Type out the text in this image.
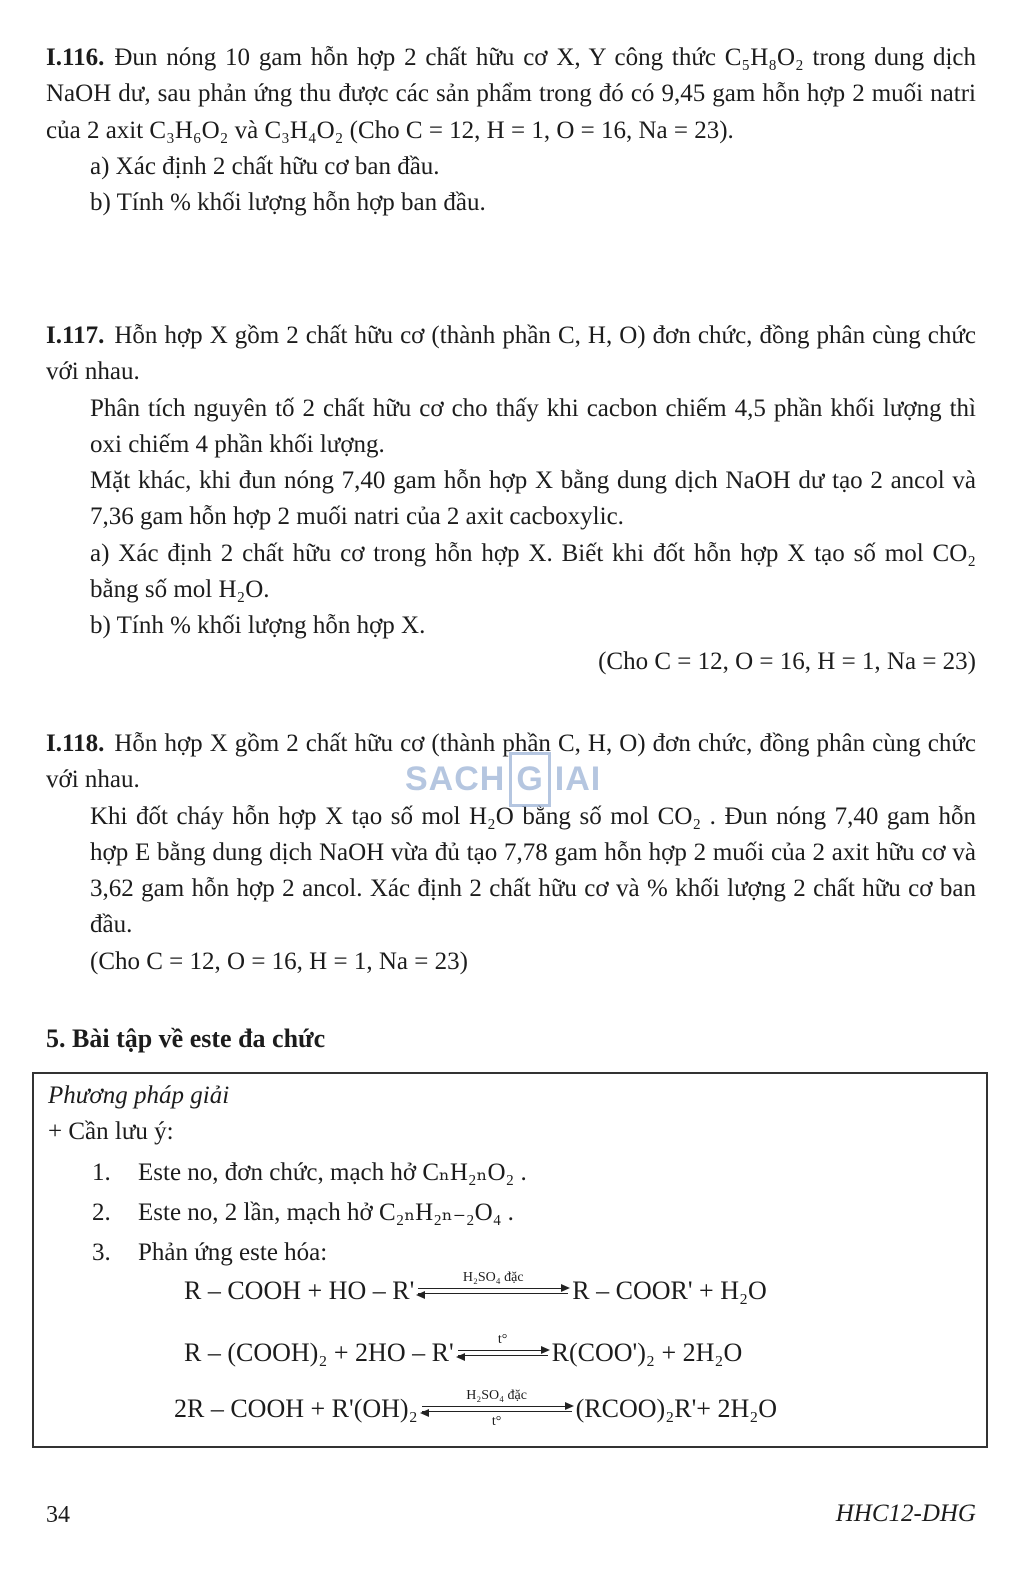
I.116. Đun nóng 10 gam hỗn hợp 2 chất hữu cơ X, Y công thức C₅H₈O₂ trong dung dịch NaOH dư, sau phản ứng thu được các sản phẩm trong đó có 9,45 gam hỗn hợp 2 muối natri của 2 axit C₃H₆O₂ và C₃H₄O₂ (Cho C = 12, H = 1, O = 16, Na = 23).

a) Xác định 2 chất hữu cơ ban đầu.

b) Tính % khối lượng hỗn hợp ban đầu.

I.117. Hỗn hợp X gồm 2 chất hữu cơ (thành phần C, H, O) đơn chức, đồng phân cùng chức với nhau.

Phân tích nguyên tố 2 chất hữu cơ cho thấy khi cacbon chiếm 4,5 phần khối lượng thì oxi chiếm 4 phần khối lượng.

Mặt khác, khi đun nóng 7,40 gam hỗn hợp X bằng dung dịch NaOH dư tạo 2 ancol và 7,36 gam hỗn hợp 2 muối natri của 2 axit cacboxylic.

a) Xác định 2 chất hữu cơ trong hỗn hợp X. Biết khi đốt hỗn hợp X tạo số mol CO₂ bằng số mol H₂O.

b) Tính % khối lượng hỗn hợp X.

(Cho C = 12, O = 16, H = 1, Na = 23)

I.118. Hỗn hợp X gồm 2 chất hữu cơ (thành phần C, H, O) đơn chức, đồng phân cùng chức với nhau.

Khi đốt cháy hỗn hợp X tạo số mol H₂O bằng số mol CO₂ . Đun nóng 7,40 gam hỗn hợp E bằng dung dịch NaOH vừa đủ tạo 7,78 gam hỗn hợp 2 muối của 2 axit hữu cơ và 3,62 gam hỗn hợp 2 ancol. Xác định 2 chất hữu cơ và % khối lượng 2 chất hữu cơ ban đầu.

(Cho C = 12, O = 16, H = 1, Na = 23)

SACH G IAI

5. Bài tập về este đa chức

Phương pháp giải

+ Cần lưu ý:

1.	Este no, đơn chức, mạch hở CₙH₂ₙO₂ .
2.	Este no, 2 lần, mạch hở C₂ₙH₂ₙ₋₂O₄ .
3.	Phản ứng este hóa:
R – COOH + HO – R'	H₂SO₄ đặc R – COOR' + H₂O
R – (COOH)₂ + 2HO – R'	t° R(COO')₂ + 2H₂O
2R – COOH + R'(OH)₂	H₂SO₄ đặc
t°	(RCOO)₂R'+ 2H₂O
34	HHC12-DHG
